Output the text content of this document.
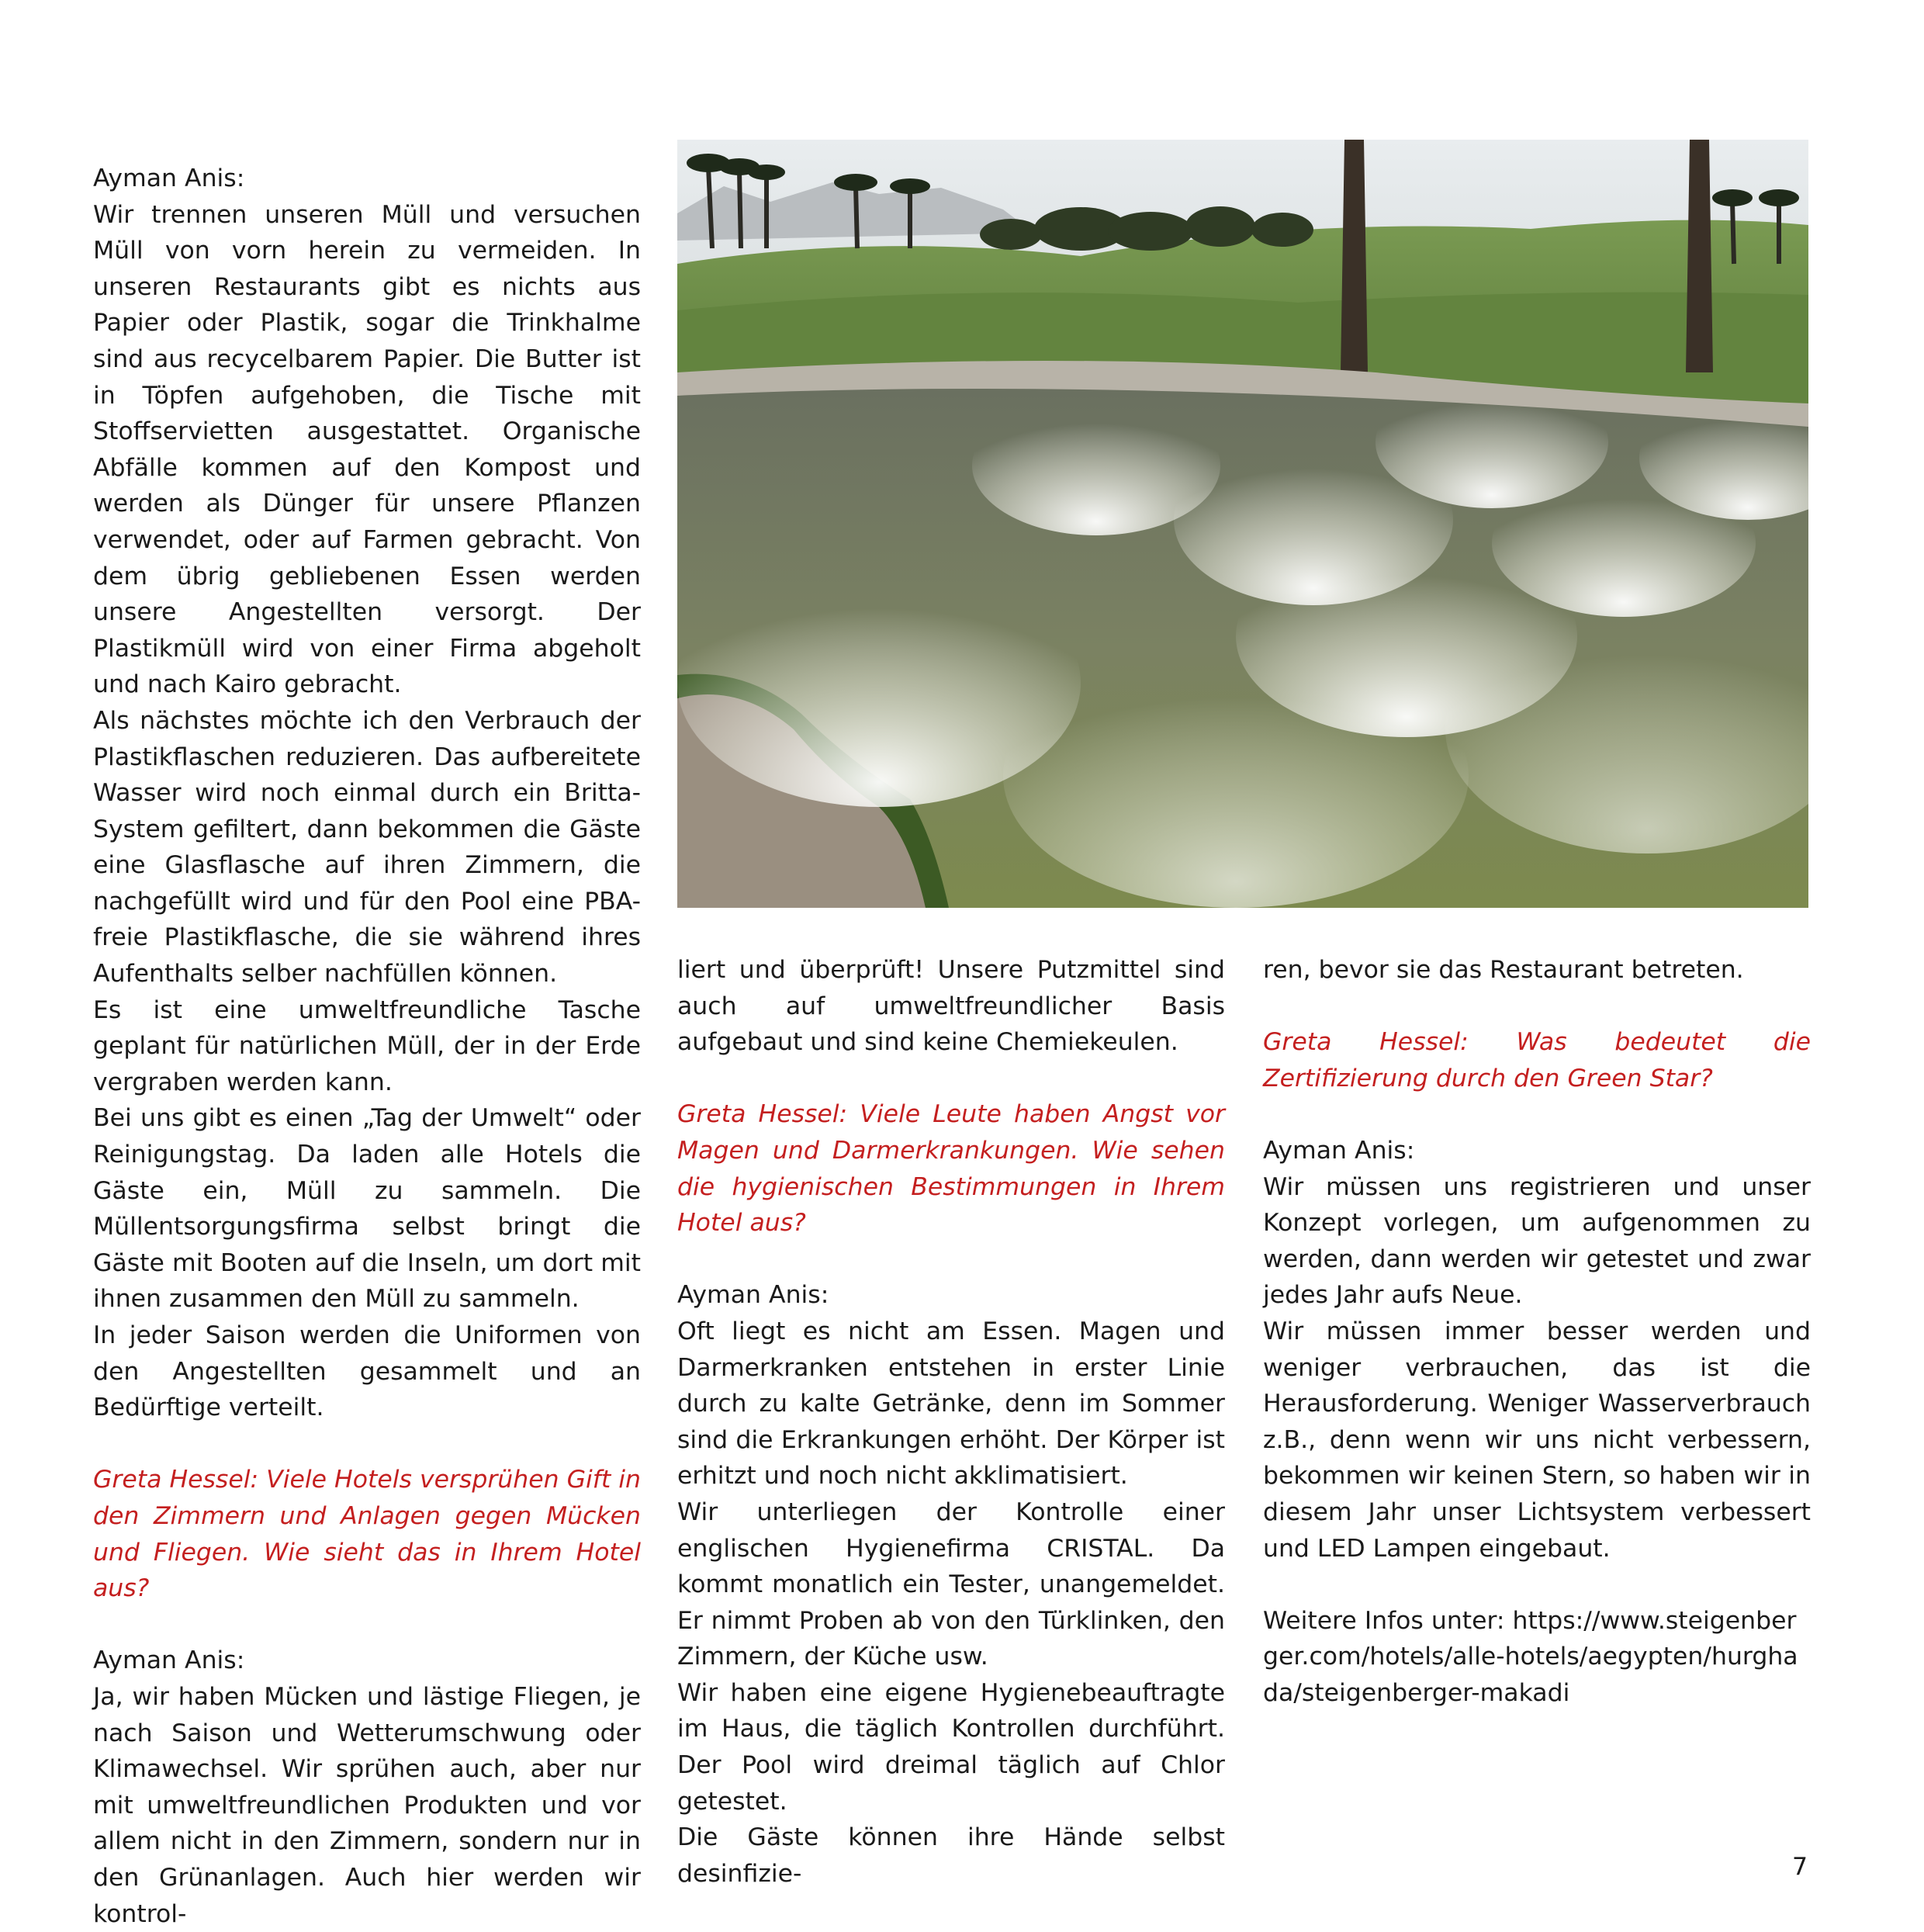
Ayman Anis:
Wir trennen unseren Müll und versuchen Müll von vorn herein zu vermeiden. In unseren Restaurants gibt es nichts aus Papier oder Plastik, sogar die Trinkhalme sind aus recycelbarem Papier. Die Butter ist in Töpfen aufgehoben, die Tische mit Stoffservietten ausgestattet. Organische Abfälle kommen auf den Kompost und werden als Dünger für unsere Pflanzen verwendet, oder auf Farmen gebracht. Von dem übrig gebliebenen Essen werden unsere Angestellten versorgt. Der Plastikmüll wird von einer Firma abgeholt und nach Kairo gebracht.

Als nächstes möchte ich den Verbrauch der Plastikflaschen reduzieren. Das aufbereitete Wasser wird noch einmal durch ein Britta-System gefiltert, dann bekommen die Gäste eine Glasflasche auf ihren Zimmern, die nachgefüllt wird und für den Pool eine PBA-freie Plastikflasche, die sie während ihres Aufenthalts selber nachfüllen können.

Es ist eine umweltfreundliche Tasche geplant für natürlichen Müll, der in der Erde vergraben werden kann.

Bei uns gibt es einen „Tag der Umwelt“ oder Reinigungstag. Da laden alle Hotels die Gäste ein, Müll zu sammeln. Die Müllentsorgungsfirma selbst bringt die Gäste mit Booten auf die Inseln, um dort mit ihnen zusammen den Müll zu sammeln.

In jeder Saison werden die Uniformen von den Angestellten gesammelt und an Bedürftige verteilt.

Greta Hessel: Viele Hotels versprühen Gift in den Zimmern und Anlagen gegen Mücken und Fliegen. Wie sieht das in Ihrem Hotel aus?

Ayman Anis:
Ja, wir haben Mücken und lästige Fliegen, je nach Saison und Wetterumschwung oder Klimawechsel. Wir sprühen auch, aber nur mit umweltfreundlichen Produkten und vor allem nicht in den Zimmern, sondern nur in den Grünanlagen. Auch hier werden wir kontrol-

liert und überprüft! Unsere Putzmittel sind auch auf umweltfreundlicher Basis aufgebaut und sind keine Chemiekeulen.

Greta Hessel: Viele Leute haben Angst vor Magen und Darmerkrankungen. Wie sehen die hygienischen Bestimmungen in Ihrem Hotel aus?

Ayman Anis:
Oft liegt es nicht am Essen. Magen und Darmerkranken entstehen in erster Linie durch zu kalte Getränke, denn im Sommer sind die Erkrankungen erhöht. Der Körper ist erhitzt und noch nicht akklimatisiert.

Wir unterliegen der Kontrolle einer englischen Hygienefirma CRISTAL. Da kommt monatlich ein Tester, unangemeldet. Er nimmt Proben ab von den Türklinken, den Zimmern, der Küche usw.

Wir haben eine eigene Hygienebeauftragte im Haus, die täglich Kontrollen durchführt. Der Pool wird dreimal täglich auf Chlor getestet.

Die Gäste können ihre Hände selbst desinfizie-

ren, bevor sie das Restaurant betreten.

Greta Hessel: Was bedeutet die Zertifizierung durch den Green Star?

Ayman Anis:
Wir müssen uns registrieren und unser Konzept vorlegen, um aufgenommen zu werden, dann werden wir getestet und zwar jedes Jahr aufs Neue.

Wir müssen immer besser werden und weniger verbrauchen, das ist die Herausforderung. Weniger Wasserverbrauch z.B., denn wenn wir uns nicht verbessern, bekommen wir keinen Stern, so haben wir in diesem Jahr unser Lichtsystem verbessert und LED Lampen eingebaut.

Weitere Infos unter: https://www.steigenberger.com/hotels/alle-hotels/aegypten/hurghada/steigenberger-makadi

7
